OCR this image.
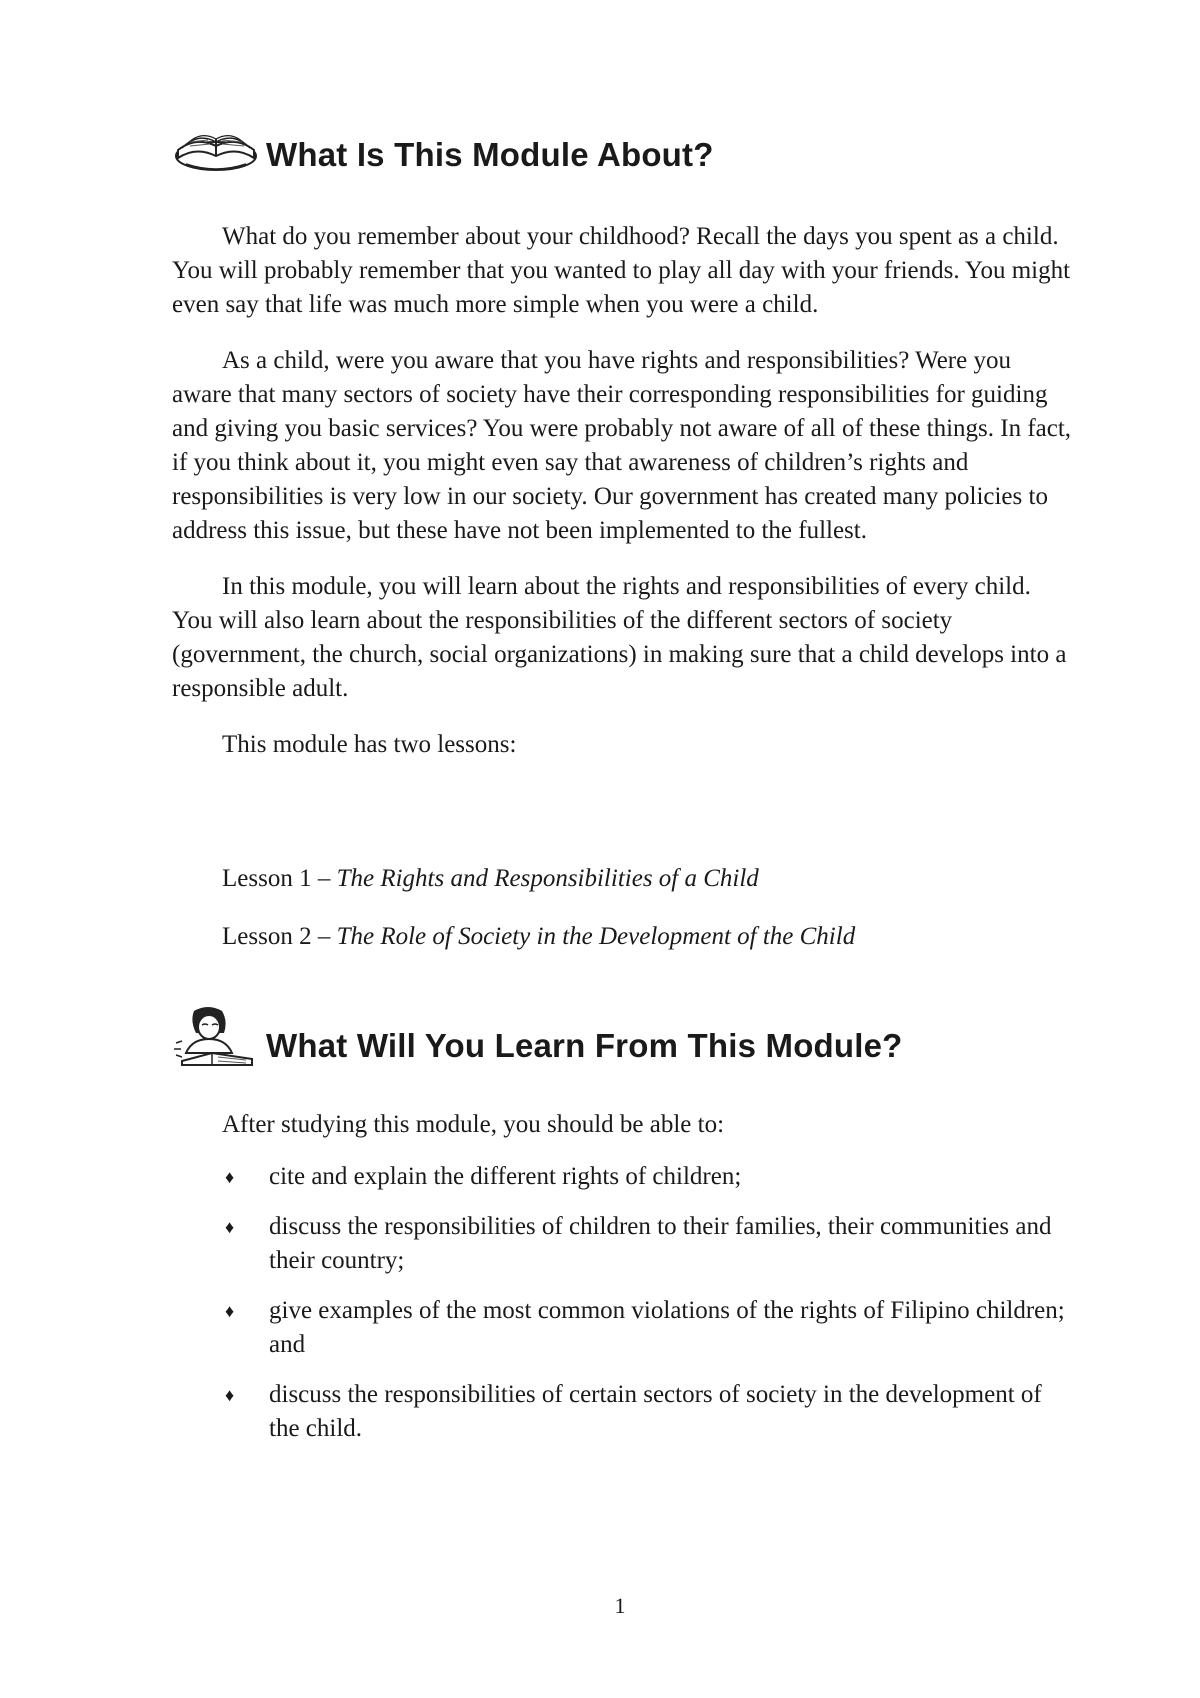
What Is This Module About?

What do you remember about your childhood? Recall the days you spent as a child. You will probably remember that you wanted to play all day with your friends. You might even say that life was much more simple when you were a child.

As a child, were you aware that you have rights and responsibilities? Were you aware that many sectors of society have their corresponding responsibilities for guiding and giving you basic services? You were probably not aware of all of these things. In fact, if you think about it, you might even say that awareness of children’s rights and responsibilities is very low in our society. Our government has created many policies to address this issue, but these have not been implemented to the fullest.

In this module, you will learn about the rights and responsibilities of every child. You will also learn about the responsibilities of the different sectors of society (government, the church, social organizations) in making sure that a child develops into a responsible adult.

This module has two lessons:

Lesson 1 – The Rights and Responsibilities of a Child
Lesson 2 – The Role of Society in the Development of the Child
What Will You Learn From This Module?
After studying this module, you should be able to:
♦ cite and explain the different rights of children;
♦ discuss the responsibilities of children to their families, their communities and their country;
♦ give examples of the most common violations of the rights of Filipino children; and
♦ discuss the responsibilities of certain sectors of society in the development of the child.
1
